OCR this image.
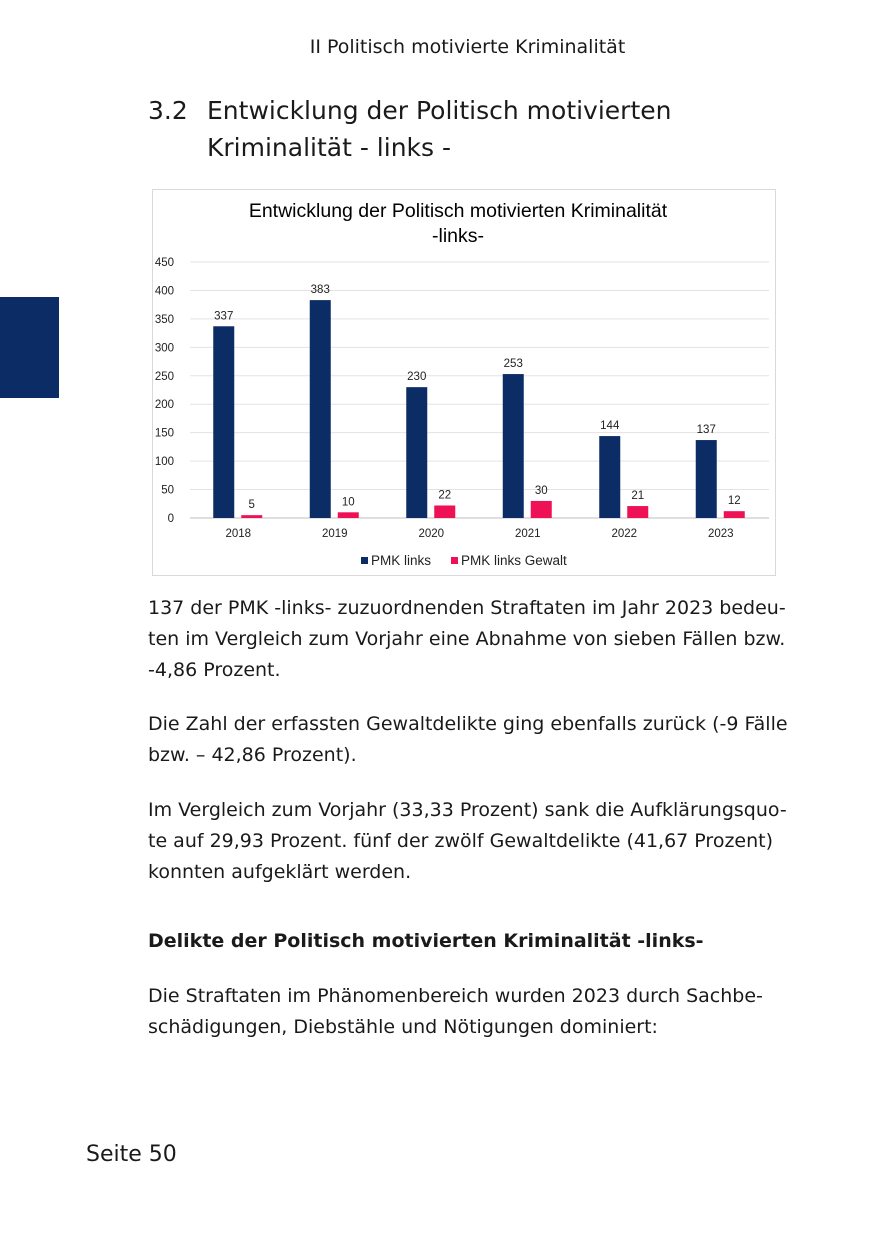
II Politisch motivierte Kriminalität
3.2 Entwicklung der Politisch motivierten
Kriminalität - links -
Entwicklung der Politisch motivierten Kriminalität
-links-
0
50
100
150
200
250
300
350
400
450
2018
337
5
2019
383
10
2020
230
22
2021
253
30
2022
144
21
2023
137
12
PMK links PMK links Gewalt
137 der PMK -links- zuzuordnenden Straftaten im Jahr 2023 bedeu-
ten im Vergleich zum Vorjahr eine Abnahme von sieben Fällen bzw.
-4,86 Prozent.
Die Zahl der erfassten Gewaltdelikte ging ebenfalls zurück (-9 Fälle
bzw. – 42,86 Prozent).
Im Vergleich zum Vorjahr (33,33 Prozent) sank die Aufklärungsquo-
te auf 29,93 Prozent. fünf der zwölf Gewaltdelikte (41,67 Prozent)
konnten aufgeklärt werden.
Delikte der Politisch motivierten Kriminalität -links-
Die Straftaten im Phänomenbereich wurden 2023 durch Sachbe-
schädigungen, Diebstähle und Nötigungen dominiert:
Seite 50
